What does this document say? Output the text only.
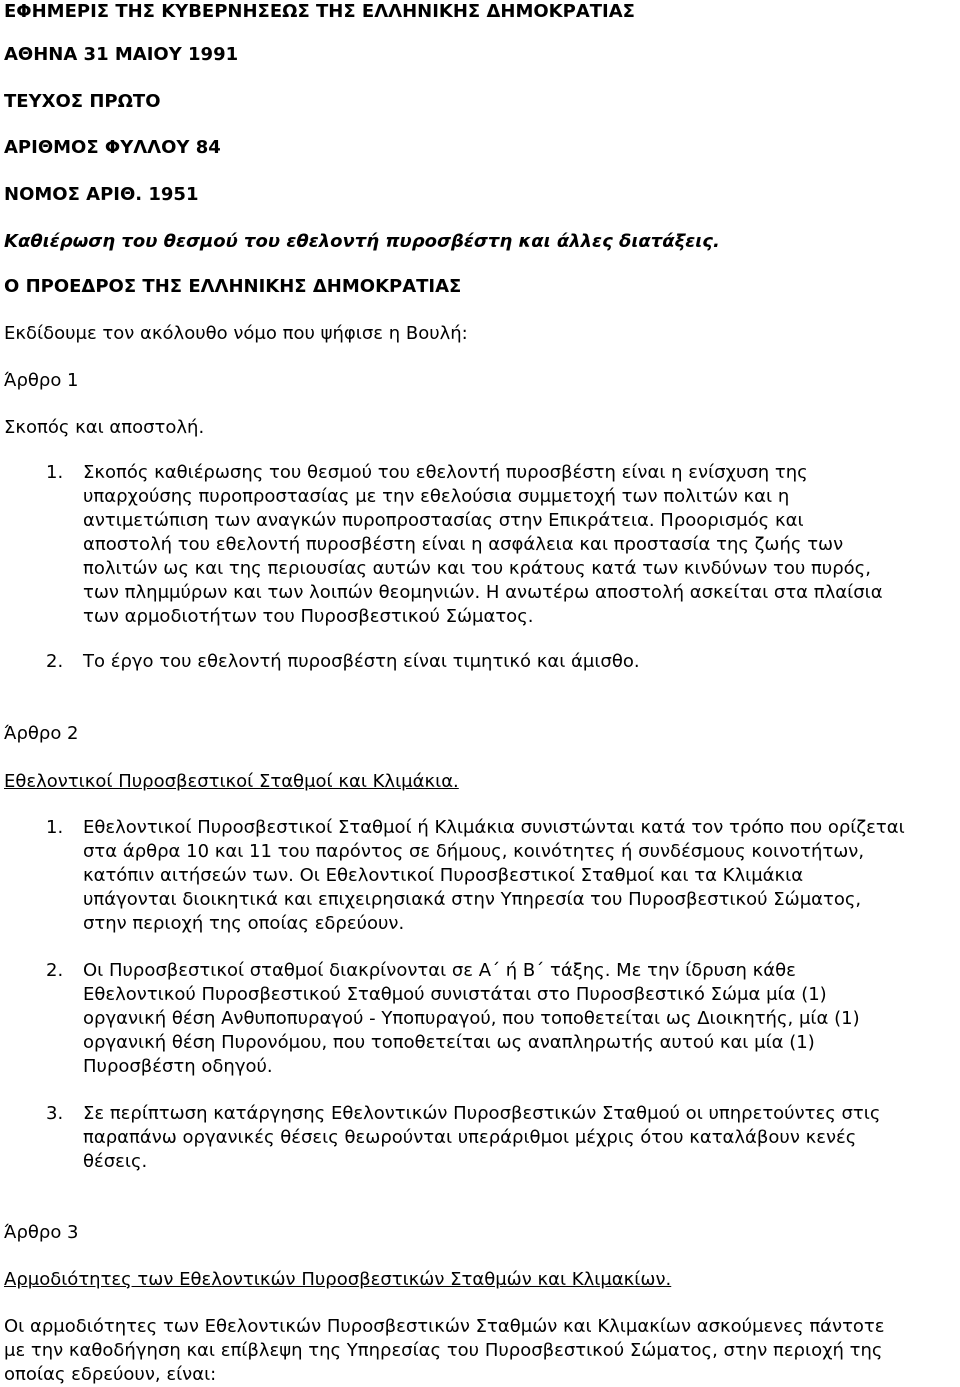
ΕΦΗΜΕΡΙΣ ΤΗΣ ΚΥΒΕΡΝΗΣΕΩΣ ΤΗΣ ΕΛΛΗΝΙΚΗΣ ΔΗΜΟΚΡΑΤΙΑΣ
ΑΘΗΝΑ 31 ΜΑΙΟΥ 1991
ΤΕΥΧΟΣ ΠΡΩΤΟ
ΑΡΙΘΜΟΣ ΦΥΛΛΟΥ 84
ΝΟΜΟΣ ΑΡΙΘ. 1951
Καθιέρωση του θεσμού του εθελοντή πυροσβέστη και άλλες διατάξεις.
Ο ΠΡΟΕΔΡΟΣ ΤΗΣ ΕΛΛΗΝΙΚΗΣ ΔΗΜΟΚΡΑΤΙΑΣ
Εκδίδουμε τον ακόλουθο νόμο που ψήφισε η Βουλή:
Άρθρο 1
Σκοπός και αποστολή.
1. Σκοπός καθιέρωσης του θεσμού του εθελοντή πυροσβέστη είναι η ενίσχυση της
υπαρχούσης πυροπροστασίας με την εθελούσια συμμετοχή των πολιτών και η
αντιμετώπιση των αναγκών πυροπροστασίας στην Επικράτεια. Προορισμός και
αποστολή του εθελοντή πυροσβέστη είναι η ασφάλεια και προστασία της ζωής των
πολιτών ως και της περιουσίας αυτών και του κράτους κατά των κινδύνων του πυρός,
των πλημμύρων και των λοιπών θεομηνιών. Η ανωτέρω αποστολή ασκείται στα πλαίσια
των αρμοδιοτήτων του Πυροσβεστικού Σώματος.
2. Το έργο του εθελοντή πυροσβέστη είναι τιμητικό και άμισθο.
Άρθρο 2
Εθελοντικοί Πυροσβεστικοί Σταθμοί και Κλιμάκια.
1. Εθελοντικοί Πυροσβεστικοί Σταθμοί ή Κλιμάκια συνιστώνται κατά τον τρόπο που ορίζεται
στα άρθρα 10 και 11 του παρόντος σε δήμους, κοινότητες ή συνδέσμους κοινοτήτων,
κατόπιν αιτήσεών των. Οι Εθελοντικοί Πυροσβεστικοί Σταθμοί και τα Κλιμάκια
υπάγονται διοικητικά και επιχειρησιακά στην Υπηρεσία του Πυροσβεστικού Σώματος,
στην περιοχή της οποίας εδρεύουν.
2. Οι Πυροσβεστικοί σταθμοί διακρίνονται σε Α΄ ή Β΄ τάξης. Με την ίδρυση κάθε
Εθελοντικού Πυροσβεστικού Σταθμού συνιστάται στο Πυροσβεστικό Σώμα μία (1)
οργανική θέση Ανθυποπυραγού - Υποπυραγού, που τοποθετείται ως Διοικητής, μία (1)
οργανική θέση Πυρονόμου, που τοποθετείται ως αναπληρωτής αυτού και μία (1)
Πυροσβέστη οδηγού.
3. Σε περίπτωση κατάργησης Εθελοντικών Πυροσβεστικών Σταθμού οι υπηρετούντες στις
παραπάνω οργανικές θέσεις θεωρούνται υπεράριθμοι μέχρις ότου καταλάβουν κενές
θέσεις.
Άρθρο 3
Αρμοδιότητες των Εθελοντικών Πυροσβεστικών Σταθμών και Κλιμακίων.
Οι αρμοδιότητες των Εθελοντικών Πυροσβεστικών Σταθμών και Κλιμακίων ασκούμενες πάντοτε
με την καθοδήγηση και επίβλεψη της Υπηρεσίας του Πυροσβεστικού Σώματος, στην περιοχή της
οποίας εδρεύουν, είναι:
